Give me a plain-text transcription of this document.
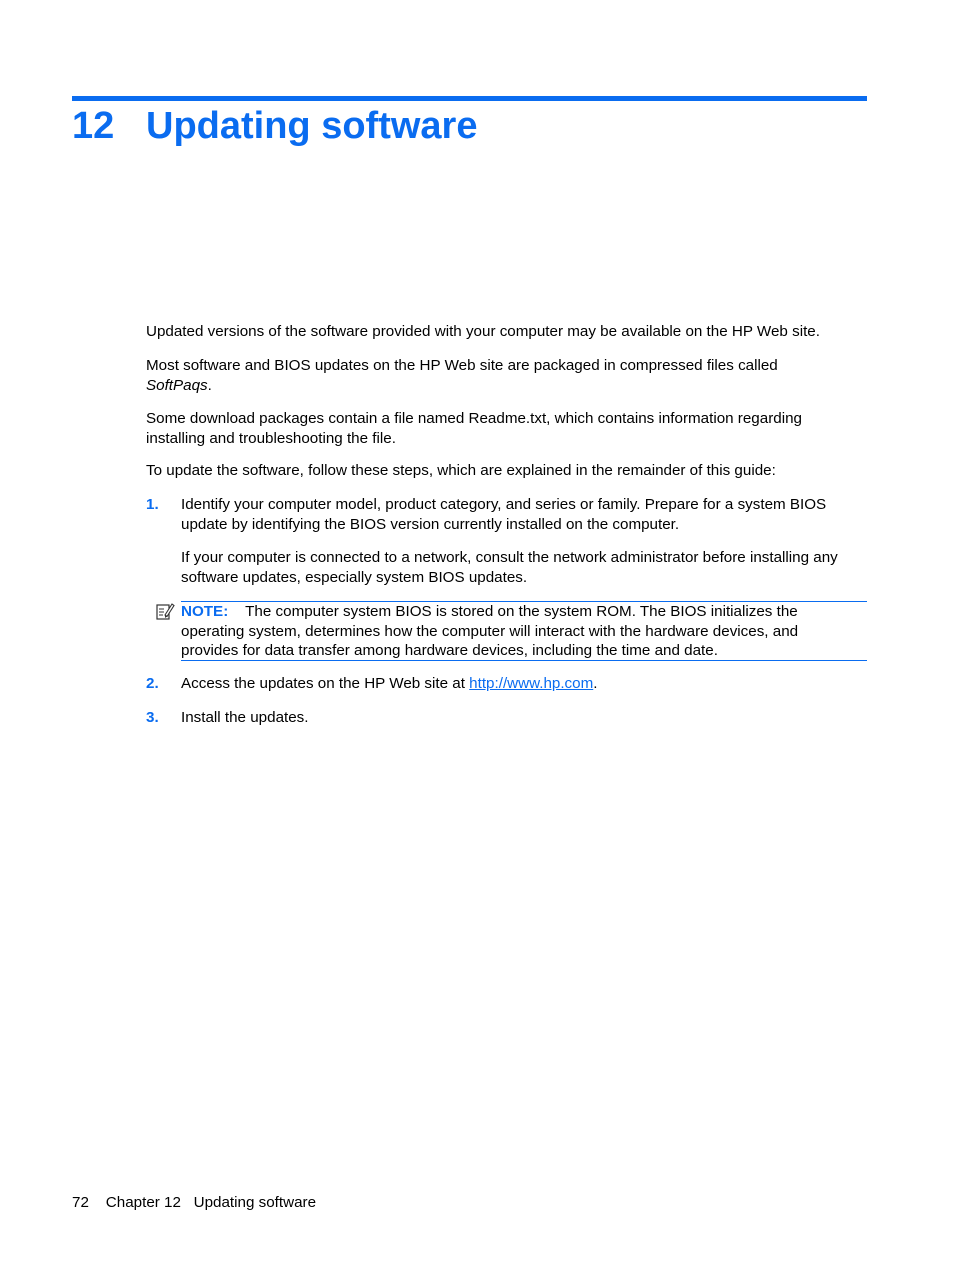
12 Updating software

Updated versions of the software provided with your computer may be available on the HP Web site.

Most software and BIOS updates on the HP Web site are packaged in compressed files called
SoftPaqs.

Some download packages contain a file named Readme.txt, which contains information regarding
installing and troubleshooting the file.

To update the software, follow these steps, which are explained in the remainder of this guide:

1. Identify your computer model, product category, and series or family. Prepare for a system BIOS
update by identifying the BIOS version currently installed on the computer.
If your computer is connected to a network, consult the network administrator before installing any
software updates, especially system BIOS updates.
NOTE: The computer system BIOS is stored on the system ROM. The BIOS initializes the
operating system, determines how the computer will interact with the hardware devices, and
provides for data transfer among hardware devices, including the time and date.
2. Access the updates on the HP Web site at http://www.hp.com.
3. Install the updates.
72 Chapter 12 Updating software
